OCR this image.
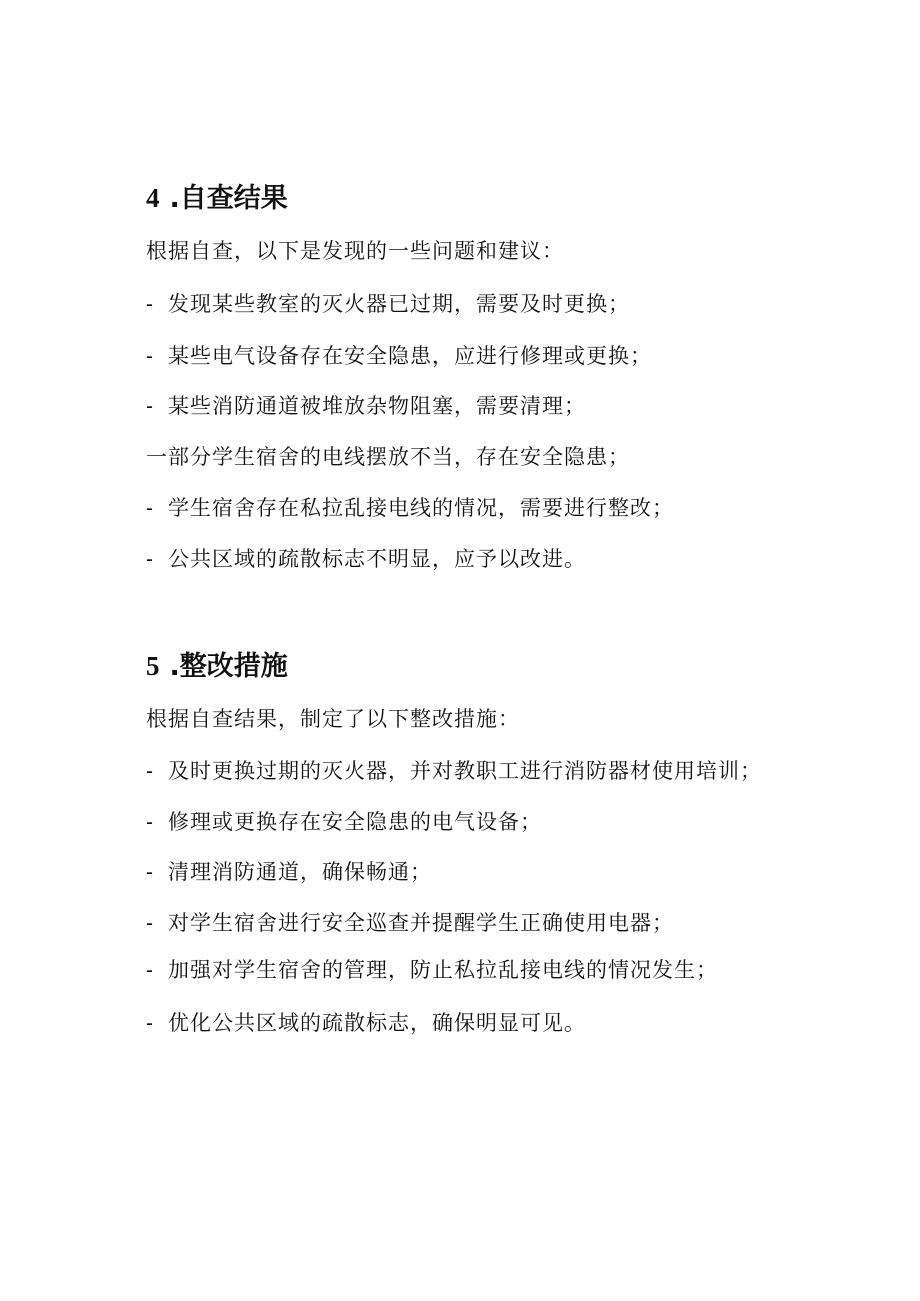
4 .自查结果
根据自查，以下是发现的一些问题和建议：
- 发现某些教室的灭火器已过期，需要及时更换；
- 某些电气设备存在安全隐患，应进行修理或更换；
- 某些消防通道被堆放杂物阻塞，需要清理；
一部分学生宿舍的电线摆放不当，存在安全隐患；
- 学生宿舍存在私拉乱接电线的情况，需要进行整改；
- 公共区域的疏散标志不明显，应予以改进。
5 .整改措施
根据自查结果，制定了以下整改措施：
- 及时更换过期的灭火器，并对教职工进行消防器材使用培训；
- 修理或更换存在安全隐患的电气设备；
- 清理消防通道，确保畅通；
- 对学生宿舍进行安全巡查并提醒学生正确使用电器；
- 加强对学生宿舍的管理，防止私拉乱接电线的情况发生；
- 优化公共区域的疏散标志，确保明显可见。
